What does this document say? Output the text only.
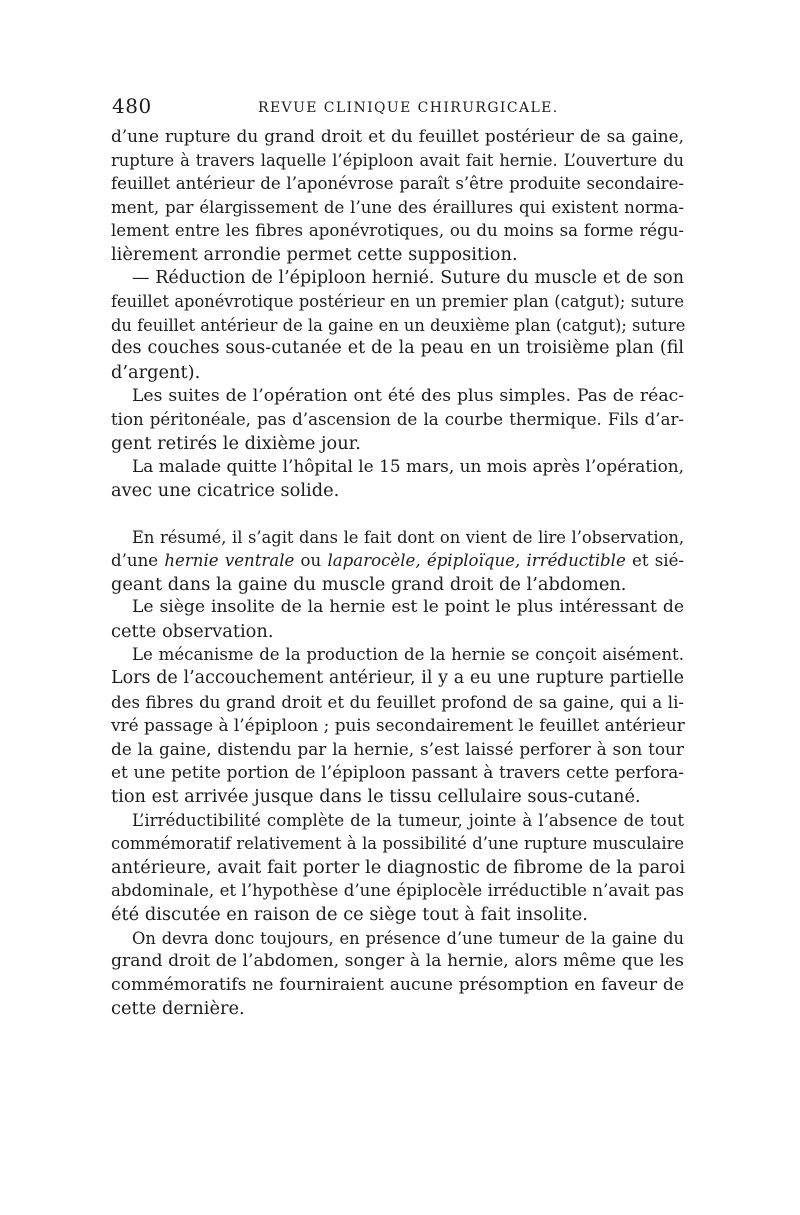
480	REVUE CLINIQUE CHIRURGICALE.
d’une rupture du grand droit et du feuillet postérieur de sa gaine,
rupture à travers laquelle l’épiploon avait fait hernie. L’ouverture du
feuillet antérieur de l’aponévrose paraît s’être produite secondaire-
ment, par élargissement de l’une des éraillures qui existent norma-
lement entre les fibres aponévrotiques, ou du moins sa forme régu-
lièrement arrondie permet cette supposition.
— Réduction de l’épiploon hernié. Suture du muscle et de son
feuillet aponévrotique postérieur en un premier plan (catgut); suture
du feuillet antérieur de la gaine en un deuxième plan (catgut); suture
des couches sous-cutanée et de la peau en un troisième plan (fil
d’argent).
Les suites de l’opération ont été des plus simples. Pas de réac-
tion péritonéale, pas d’ascension de la courbe thermique. Fils d’ar-
gent retirés le dixième jour.
La malade quitte l’hôpital le 15 mars, un mois après l’opération,
avec une cicatrice solide.
En résumé, il s’agit dans le fait dont on vient de lire l’observation,
d’une hernie ventrale ou laparocèle, épiploïque, irréductible et sié-
geant dans la gaine du muscle grand droit de l’abdomen.
Le siège insolite de la hernie est le point le plus intéressant de
cette observation.
Le mécanisme de la production de la hernie se conçoit aisément.
Lors de l’accouchement antérieur, il y a eu une rupture partielle
des fibres du grand droit et du feuillet profond de sa gaine, qui a li-
vré passage à l’épiploon ; puis secondairement le feuillet antérieur
de la gaine, distendu par la hernie, s’est laissé perforer à son tour
et une petite portion de l’épiploon passant à travers cette perfora-
tion est arrivée jusque dans le tissu cellulaire sous-cutané.
L’irréductibilité complète de la tumeur, jointe à l’absence de tout
commémoratif relativement à la possibilité d’une rupture musculaire
antérieure, avait fait porter le diagnostic de fibrome de la paroi
abdominale, et l’hypothèse d’une épiplocèle irréductible n’avait pas
été discutée en raison de ce siège tout à fait insolite.
On devra donc toujours, en présence d’une tumeur de la gaine du
grand droit de l’abdomen, songer à la hernie, alors même que les
commémoratifs ne fourniraient aucune présomption en faveur de
cette dernière.
